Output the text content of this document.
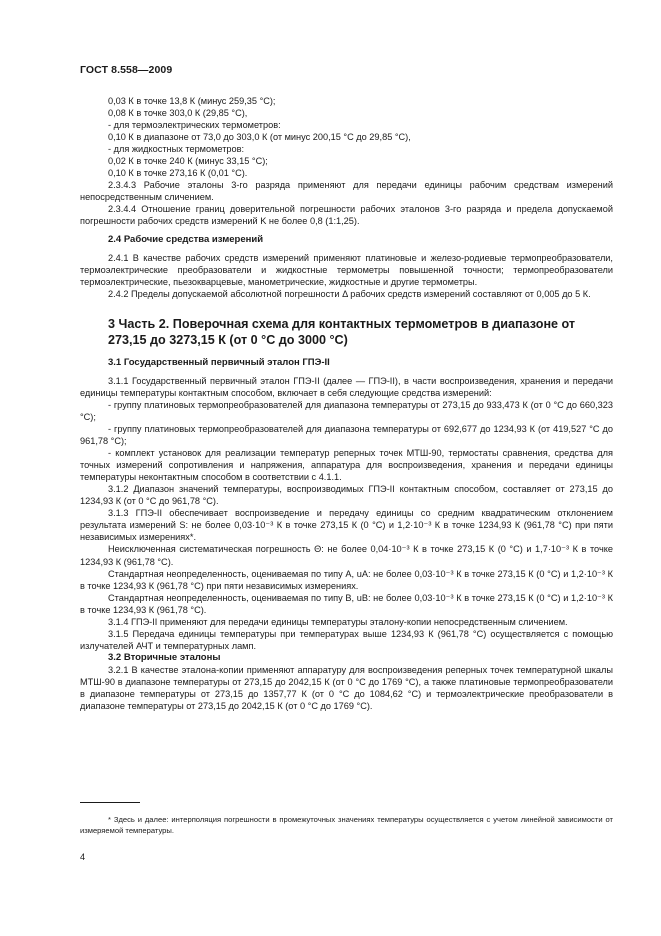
ГОСТ 8.558—2009

0,03 К в точке 13,8 К (минус 259,35 °С);

0,08 К в точке 303,0 К (29,85 °С),

- для термоэлектрических термометров:

0,10 К в диапазоне от 73,0 до 303,0 К (от минус 200,15 °С до 29,85 °С),

- для жидкостных термометров:

0,02 К в точке 240 К (минус 33,15 °С);

0,10 К в точке 273,16 К (0,01 °С).

2.3.4.3 Рабочие эталоны 3-го разряда применяют для передачи единицы рабочим средствам измерений непосредственным сличением.

2.3.4.4 Отношение границ доверительной погрешности рабочих эталонов 3-го разряда и предела допускаемой погрешности рабочих средств измерений K не более 0,8 (1:1,25).

2.4 Рабочие средства измерений

2.4.1 В качестве рабочих средств измерений применяют платиновые и железо-родиевые термопреобразователи, термоэлектрические преобразователи и жидкостные термометры повышенной точности; термопреобразователи термоэлектрические, пьезокварцевые, манометрические, жидкостные и другие термометры.

2.4.2 Пределы допускаемой абсолютной погрешности Δ рабочих средств измерений составляют от 0,005 до 5 К.

3 Часть 2. Поверочная схема для контактных термометров в диапазоне от 273,15 до 3273,15 К (от 0 °С до 3000 °С)

3.1 Государственный первичный эталон ГПЭ-II

3.1.1 Государственный первичный эталон ГПЭ-II (далее — ГПЭ-II), в части воспроизведения, хранения и передачи единицы температуры контактным способом, включает в себя следующие средства измерений:

- группу платиновых термопреобразователей для диапазона температуры от 273,15 до 933,473 К (от 0 °С до 660,323 °С);

- группу платиновых термопреобразователей для диапазона температуры от 692,677 до 1234,93 К (от 419,527 °С до 961,78 °С);

- комплект установок для реализации температур реперных точек МТШ-90, термостаты сравнения, средства для точных измерений сопротивления и напряжения, аппаратура для воспроизведения, хранения и передачи единицы температуры неконтактным способом в соответствии с 4.1.1.

3.1.2 Диапазон значений температуры, воспроизводимых ГПЭ-II контактным способом, составляет от 273,15 до 1234,93 К (от 0 °С до 961,78 °С).

3.1.3 ГПЭ-II обеспечивает воспроизведение и передачу единицы со средним квадратическим отклонением результата измерений S: не более 0,03·10⁻³ К в точке 273,15 К (0 °С) и 1,2·10⁻³ К в точке 1234,93 К (961,78 °С) при пяти независимых измерениях*.

Неисключенная систематическая погрешность Θ: не более 0,04·10⁻³ К в точке 273,15 К (0 °С) и 1,7·10⁻³ К в точке 1234,93 К (961,78 °С).

Стандартная неопределенность, оцениваемая по типу A, uA: не более 0,03·10⁻³ К в точке 273,15 К (0 °С) и 1,2·10⁻³ К в точке 1234,93 К (961,78 °С) при пяти независимых измерениях.

Стандартная неопределенность, оцениваемая по типу B, uB: не более 0,03·10⁻³ К в точке 273,15 К (0 °С) и 1,2·10⁻³ К в точке 1234,93 К (961,78 °С).

3.1.4 ГПЭ-II применяют для передачи единицы температуры эталону-копии непосредственным сличением.

3.1.5 Передача единицы температуры при температурах выше 1234,93 К (961,78 °С) осуществляется с помощью излучателей АЧТ и температурных ламп.

3.2 Вторичные эталоны

3.2.1 В качестве эталона-копии применяют аппаратуру для воспроизведения реперных точек температурной шкалы МТШ-90 в диапазоне температуры от 273,15 до 2042,15 К (от 0 °С до 1769 °С), а также платиновые термопреобразователи в диапазоне температуры от 273,15 до 1357,77 К (от 0 °С до 1084,62 °С) и термоэлектрические преобразователи в диапазоне температуры от 273,15 до 2042,15 К (от 0 °С до 1769 °С).

* Здесь и далее: интерполяция погрешности в промежуточных значениях температуры осуществляется с учетом линейной зависимости от измеряемой температуры.
4
